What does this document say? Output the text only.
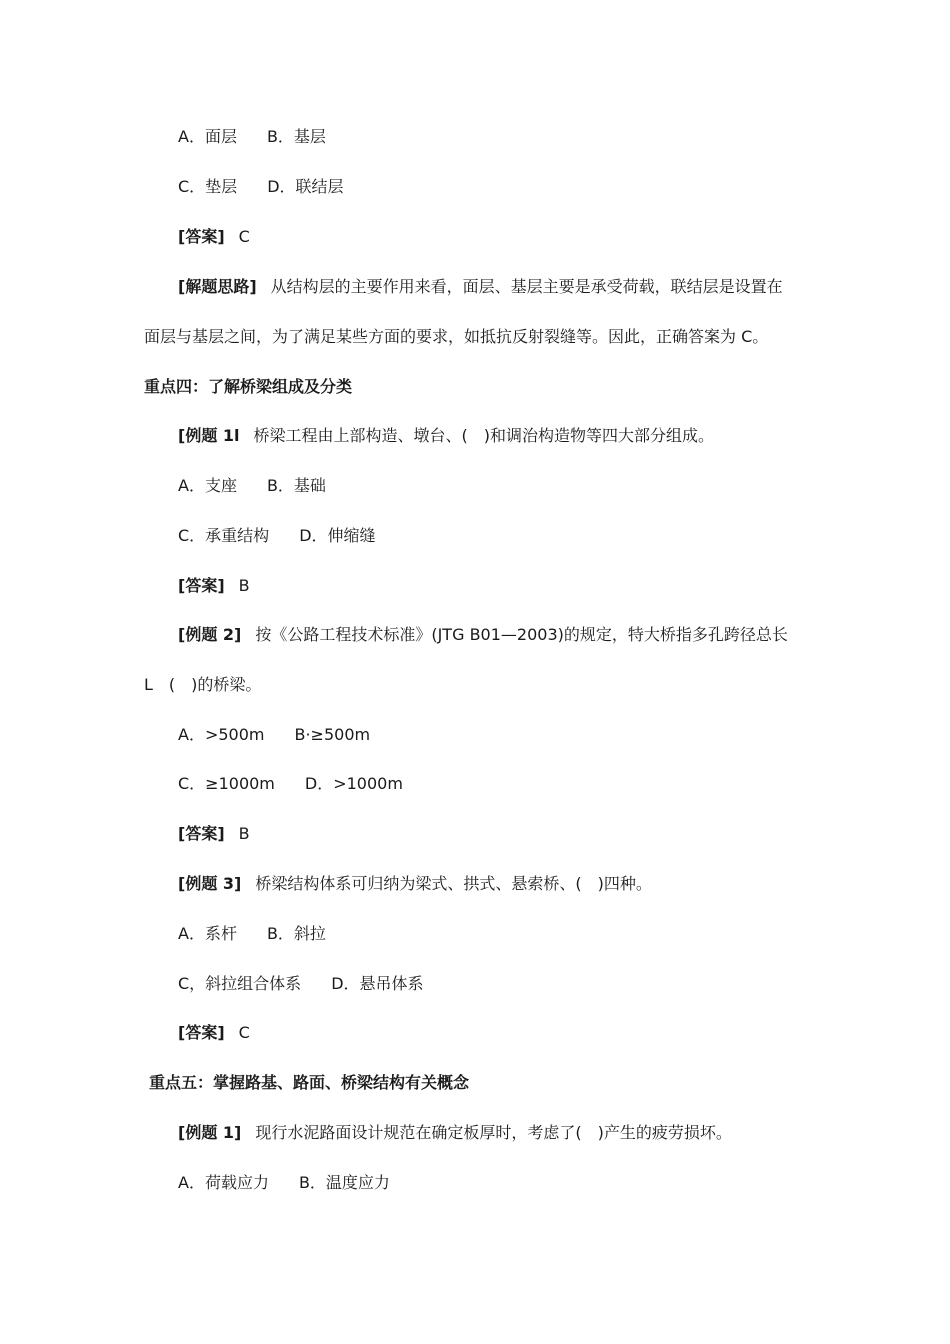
A．面层 B．基层
C．垫层 D．联结层
[答案] C
[解题思路] 从结构层的主要作用来看，面层、基层主要是承受荷载，联结层是设置在
面层与基层之间，为了满足某些方面的要求，如抵抗反射裂缝等。因此，正确答案为 C。
重点四：了解桥梁组成及分类
[例题 1l 桥梁工程由上部构造、墩台、(　)和调治构造物等四大部分组成。
A．支座 B．基础
C．承重结构 D．伸缩缝
[答案] B
[例题 2] 按《公路工程技术标准》(JTG B01—2003)的规定，特大桥指多孔跨径总长
L　(　)的桥梁。
A．>500m B·≥500m
C．≥1000m D．>1000m
[答案] B
[例题 3] 桥梁结构体系可归纳为梁式、拱式、悬索桥、(　)四种。
A．系杆 B．斜拉
C，斜拉组合体系 D．悬吊体系
[答案] C
重点五：掌握路基、路面、桥梁结构有关概念
[例题 1] 现行水泥路面设计规范在确定板厚时，考虑了(　)产生的疲劳损坏。
A．荷载应力 B．温度应力
